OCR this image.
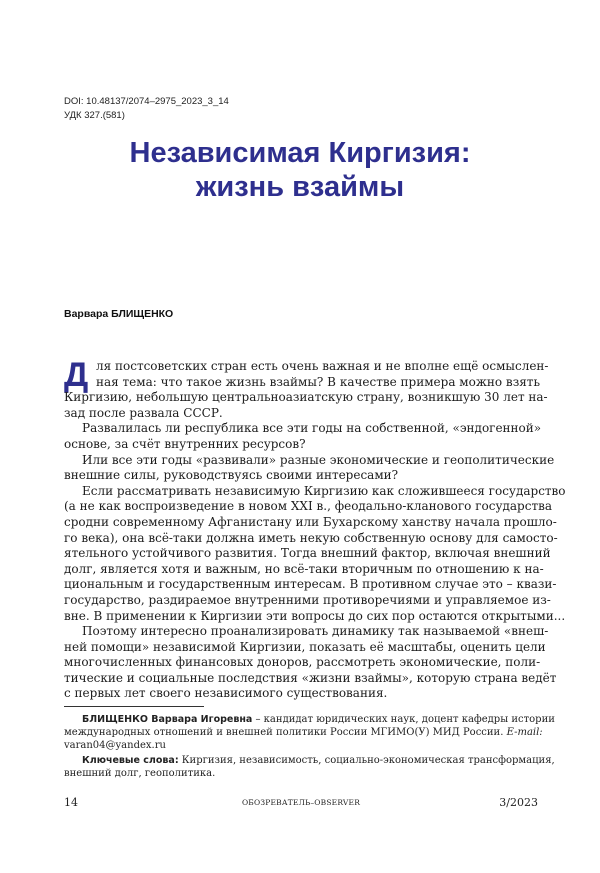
DOI: 10.48137/2074–2975_2023_3_14
УДК 327.(581)
Независимая Киргизия:
жизнь взаймы
Варвара БЛИЩЕНКО
Д ля постсоветских стран есть очень важная и не вполне ещё осмыслен-
ная тема: что такое жизнь взаймы? В качестве примера можно взять
Киргизию, небольшую центральноазиатскую страну, возникшую 30 лет на-
зад после развала СССР.
Развалилась ли республика все эти годы на собственной, «эндогенной»
основе, за счёт внутренних ресурсов?
Или все эти годы «развивали» разные экономические и геополитические
внешние силы, руководствуясь своими интересами?
Если рассматривать независимую Киргизию как сложившееся государство
(а не как воспроизведение в новом XXI в., феодально-кланового государства
сродни современному Афганистану или Бухарскому ханству начала прошло-
го века), она всё-таки должна иметь некую собственную основу для самосто-
ятельного устойчивого развития. Тогда внешний фактор, включая внешний
долг, является хотя и важным, но всё-таки вторичным по отношению к на-
циональным и государственным интересам. В противном случае это – квази-
государство, раздираемое внутренними противоречиями и управляемое из-
вне. В применении к Киргизии эти вопросы до сих пор остаются открытыми...
Поэтому интересно проанализировать динамику так называемой «внеш-
ней помощи» независимой Киргизии, показать её масштабы, оценить цели
многочисленных финансовых доноров, рассмотреть экономические, поли-
тические и социальные последствия «жизни взаймы», которую страна ведёт
с первых лет своего независимого существования.
БЛИЩЕНКО Варвара Игоревна – кандидат юридических наук, доцент кафедры истории
международных отношений и внешней политики России МГИМО(У) МИД России. E-mail:
varan04@yandex.ru
Ключевые слова: Киргизия, независимость, социально-экономическая трансформация,
внешний долг, геополитика.
14	ОБОЗРЕВАТЕЛЬ–OBSERVER	3/2023
